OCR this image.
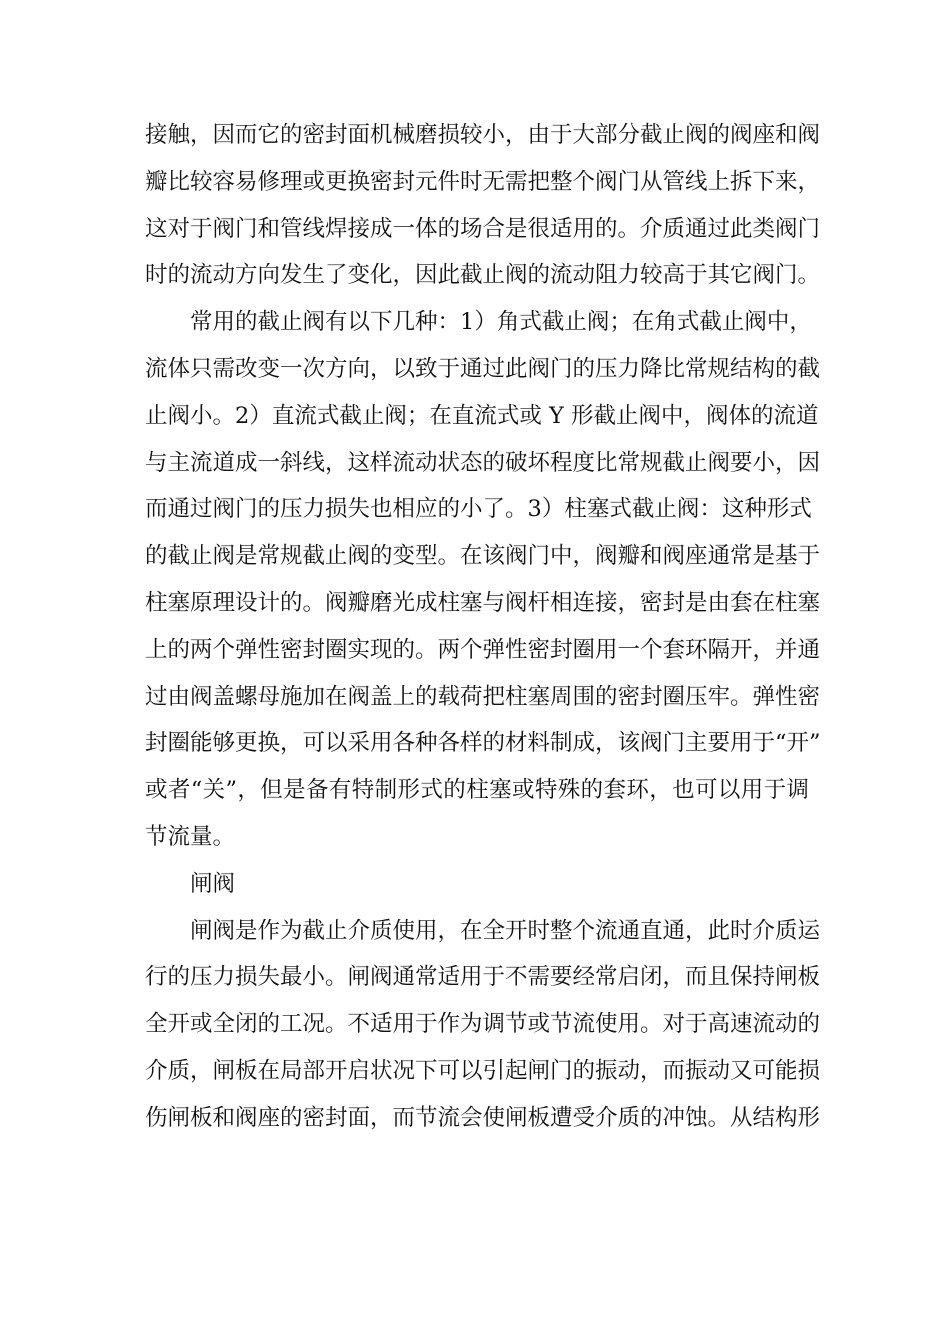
接触，因而它的密封面机械磨损较小，由于大部分截止阀的阀座和阀
瓣比较容易修理或更换密封元件时无需把整个阀门从管线上拆下来，
这对于阀门和管线焊接成一体的场合是很适用的。介质通过此类阀门
时的流动方向发生了变化，因此截止阀的流动阻力较高于其它阀门。
常用的截止阀有以下几种：1）角式截止阀；在角式截止阀中，
流体只需改变一次方向，以致于通过此阀门的压力降比常规结构的截
止阀小。2）直流式截止阀；在直流式或 Y 形截止阀中，阀体的流道
与主流道成一斜线，这样流动状态的破坏程度比常规截止阀要小，因
而通过阀门的压力损失也相应的小了。3）柱塞式截止阀：这种形式
的截止阀是常规截止阀的变型。在该阀门中，阀瓣和阀座通常是基于
柱塞原理设计的。阀瓣磨光成柱塞与阀杆相连接，密封是由套在柱塞
上的两个弹性密封圈实现的。两个弹性密封圈用一个套环隔开，并通
过由阀盖螺母施加在阀盖上的载荷把柱塞周围的密封圈压牢。弹性密
封圈能够更换，可以采用各种各样的材料制成，该阀门主要用于“开”
或者“关”，但是备有特制形式的柱塞或特殊的套环，也可以用于调
节流量。
闸阀
闸阀是作为截止介质使用，在全开时整个流通直通，此时介质运
行的压力损失最小。闸阀通常适用于不需要经常启闭，而且保持闸板
全开或全闭的工况。不适用于作为调节或节流使用。对于高速流动的
介质，闸板在局部开启状况下可以引起闸门的振动，而振动又可能损
伤闸板和阀座的密封面，而节流会使闸板遭受介质的冲蚀。从结构形
